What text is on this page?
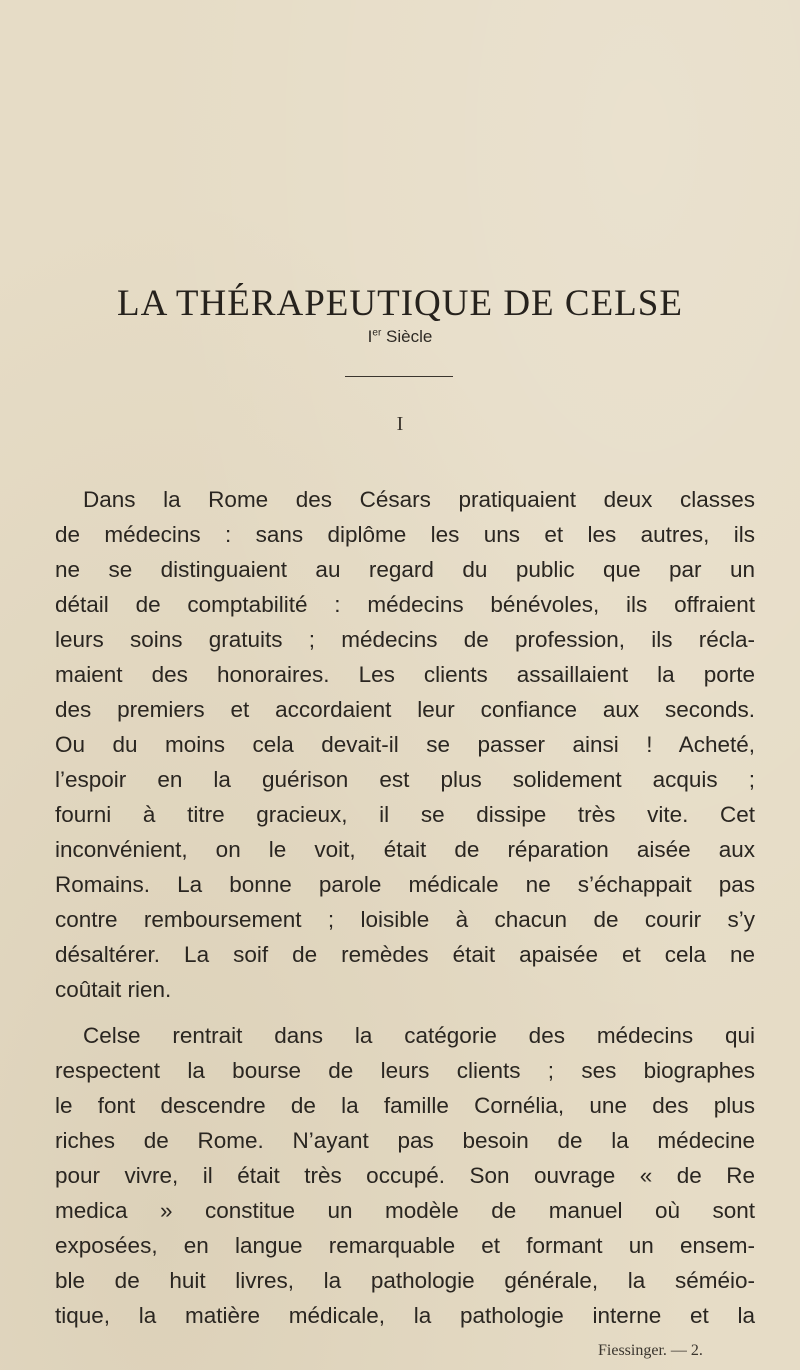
LA THÉRAPEUTIQUE DE CELSE
Ier Siècle
I
Dans la Rome des Césars pratiquaient deux classes
de médecins : sans diplôme les uns et les autres, ils
ne se distinguaient au regard du public que par un
détail de comptabilité : médecins bénévoles, ils offraient
leurs soins gratuits ; médecins de profession, ils récla-
maient des honoraires. Les clients assaillaient la porte
des premiers et accordaient leur confiance aux seconds.
Ou du moins cela devait-il se passer ainsi ! Acheté,
l’espoir en la guérison est plus solidement acquis ;
fourni à titre gracieux, il se dissipe très vite. Cet
inconvénient, on le voit, était de réparation aisée aux
Romains. La bonne parole médicale ne s’échappait pas
contre remboursement ; loisible à chacun de courir s’y
désaltérer. La soif de remèdes était apaisée et cela ne
coûtait rien.
Celse rentrait dans la catégorie des médecins qui
respectent la bourse de leurs clients ; ses biographes
le font descendre de la famille Cornélia, une des plus
riches de Rome. N’ayant pas besoin de la médecine
pour vivre, il était très occupé. Son ouvrage « de Re
medica » constitue un modèle de manuel où sont
exposées, en langue remarquable et formant un ensem-
ble de huit livres, la pathologie générale, la séméio-
tique, la matière médicale, la pathologie interne et la
Fiessinger. — 2.
